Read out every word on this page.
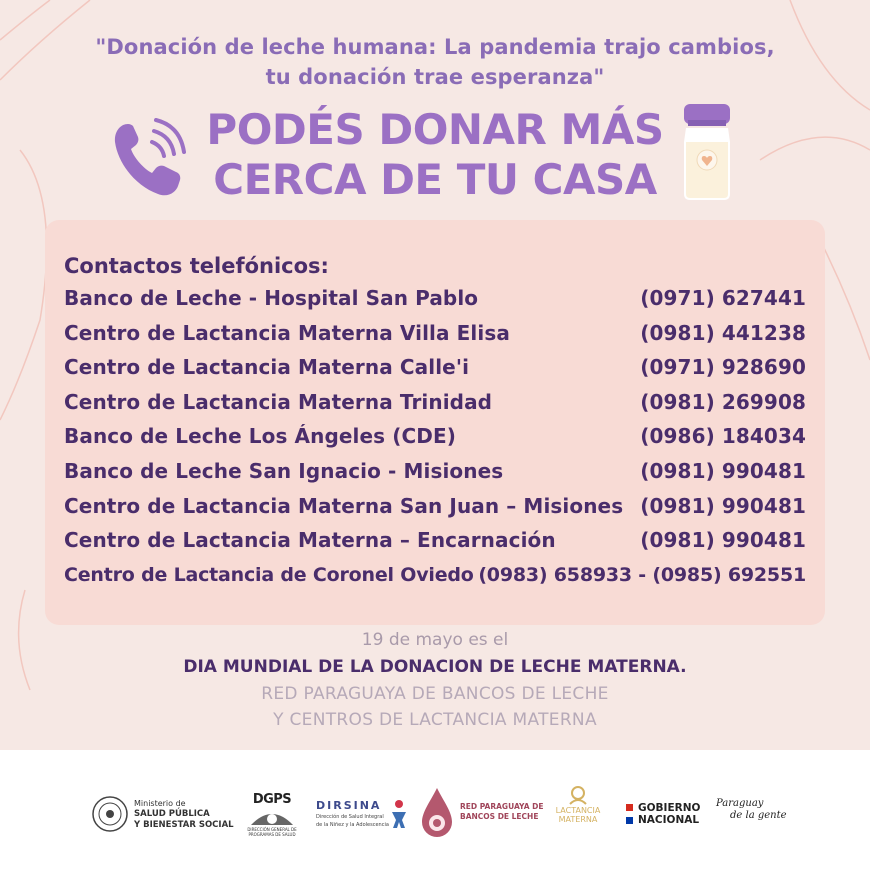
"Donación de leche humana: La pandemia trajo cambios,
tu donación trae esperanza"
PODÉS DONAR MÁS
CERCA DE TU CASA
Contactos telefónicos:
Banco de Leche - Hospital San Pablo	(0971) 627441
Centro de Lactancia Materna Villa Elisa	(0981) 441238
Centro de Lactancia Materna Calle'i	(0971) 928690
Centro de Lactancia Materna Trinidad	(0981) 269908
Banco de Leche Los Ángeles (CDE)	(0986) 184034
Banco de Leche San Ignacio - Misiones	(0981) 990481
Centro de Lactancia Materna San Juan – Misiones (0981) 990481
Centro de Lactancia Materna – Encarnación	(0981) 990481
Centro de Lactancia de Coronel Oviedo (0983) 658933 - (0985) 692551
19 de mayo es el
DIA MUNDIAL DE LA DONACION DE LECHE MATERNA.
RED PARAGUAYA DE BANCOS DE LECHE
Y CENTROS DE LACTANCIA MATERNA
Ministerio de
SALUD PÚBLICA
Y BIENESTAR SOCIAL
DGPS
DIRECCIÓN GENERAL DE PROGRAMAS DE SALUD
DIRSINA
Dirección de Salud Integral
de la Niñez y la Adolescencia
RED PARAGUAYA DE
BANCOS DE LECHE
LACTANCIA
MATERNA
GOBIERNO
NACIONAL
Paraguay
de la gente
